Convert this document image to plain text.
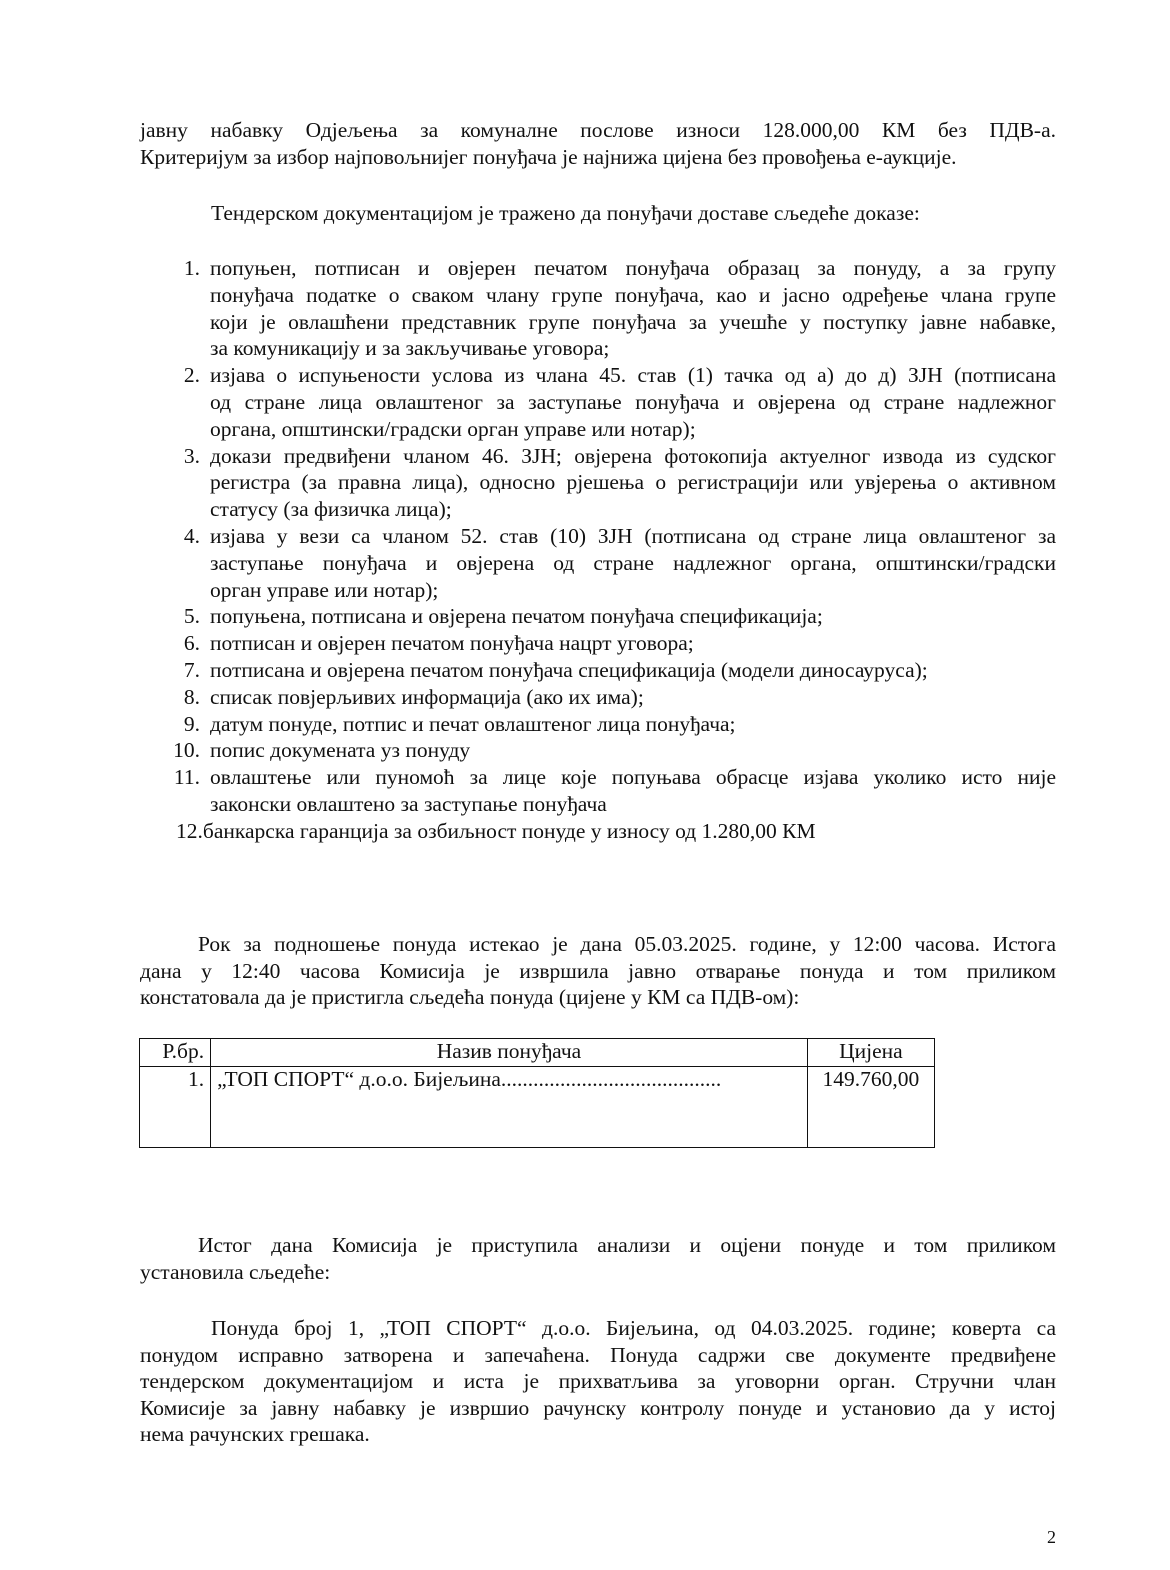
јавну набавку Одјељења за комуналне послове износи 128.000,00 КМ без ПДВ-а.
Критеријум за избор најповољнијег понуђача је најнижа цијена без провођења е-аукције.
Тендерском документацијом је тражено да понуђачи доставе сљедеће доказе:
1. попуњен, потписан и овјерен печатом понуђача образац за понуду, а за групу
понуђача податке о сваком члану групе понуђача, као и јасно одређење члана групе
који је овлашћени представник групе понуђача за учешће у поступку јавне набавке,
за комуникацију и за закључивање уговора;
2. изјава о испуњености услова из члана 45. став (1) тачка од а) до д) ЗЈН (потписана
од стране лица овлаштеног за заступање понуђача и овјерена од стране надлежног
органа, општински/градски орган управе или нотар);
3. докази предвиђени чланом 46. ЗЈН; овјерена фотокопија актуелног извода из судског
регистра (за правна лица), односно рјешења о регистрацији или увјерења о активном
статусу (за физичка лица);
4. изјава у вези са чланом 52. став (10) ЗЈН (потписана од стране лица овлаштеног за
заступање понуђача и овјерена од стране надлежног органа, општински/градски
орган управе или нотар);
5. попуњена, потписана и овјерена печатом понуђача спецификација;
6. потписан и овјерен печатом понуђача нацрт уговора;
7. потписана и овјерена печатом понуђача спецификација (модели диносауруса);
8. списак повјерљивих информација (ако их има);
9. датум понуде, потпис и печат овлаштеног лица понуђача;
10. попис докумената уз понуду
11. овлаштење или пуномоћ за лице које попуњава обрасце изјава уколико исто није
законски овлаштено за заступање понуђача
12.банкарска гаранција за озбиљност понуде у износу од 1.280,00 КМ
Рок за подношење понуда истекао је дана 05.03.2025. године, у 12:00 часова. Истога
дана у 12:40 часова Комисија је извршила јавно отварање понуда и том приликом
констатовала да је пристигла сљедећа понуда (цијене у КМ са ПДВ-ом):
Р.бр.	Назив понуђача	Цијена
1.	„ТОП СПОРТ“ д.о.о. Бијељина.........................................	149.760,00
Истог дана Комисија је приступила анализи и оцјени понуде и том приликом
установила сљедеће:
Понуда број 1, „ТОП СПОРТ“ д.о.о. Бијељина, од 04.03.2025. године; коверта са
понудом исправно затворена и запечаћена. Понуда садржи све документе предвиђене
тендерском документацијом и иста је прихватљива за уговорни орган. Стручни члан
Комисије за јавну набавку је извршио рачунску контролу понуде и установио да у истој
нема рачунских грешака.
2
